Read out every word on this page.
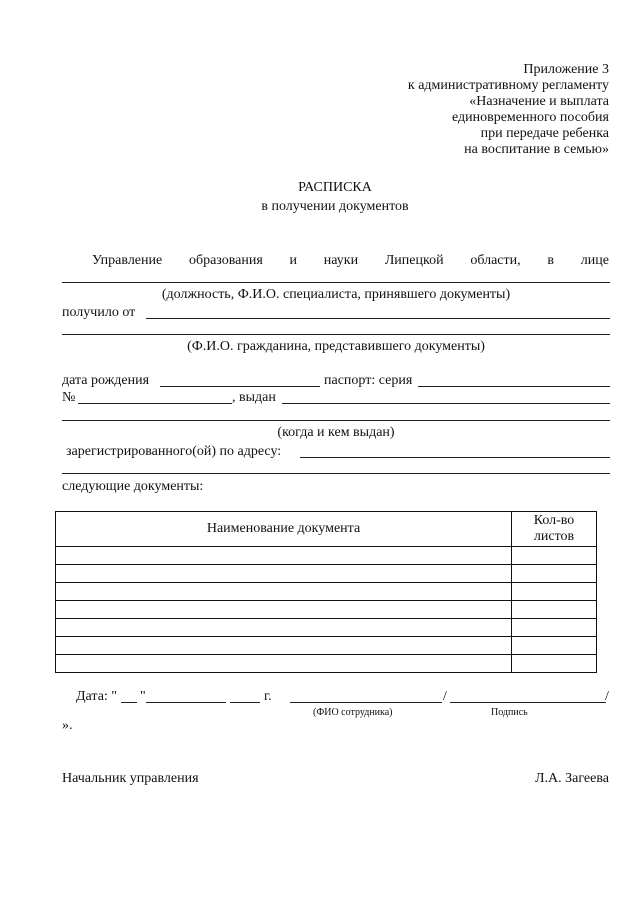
Приложение 3
к административному регламенту
«Назначение и выплата
единовременного пособия
при передаче ребенка
на воспитание в семью»
РАСПИСКА
в получении документов
Управление образования и науки Липецкой области, в лице
(должность, Ф.И.О. специалиста, принявшего документы)
получило от
(Ф.И.О. гражданина, представившего документы)
дата рождения	паспорт: серия
№	, выдан
(когда и кем выдан)
зарегистрированного(ой) по адресу:
следующие документы:
Наименование документа	Кол-во
листов

Дата: " "	г.	/	/
(ФИО сотрудника)	Подпись
».
Начальник управления	Л.А. Загеева
